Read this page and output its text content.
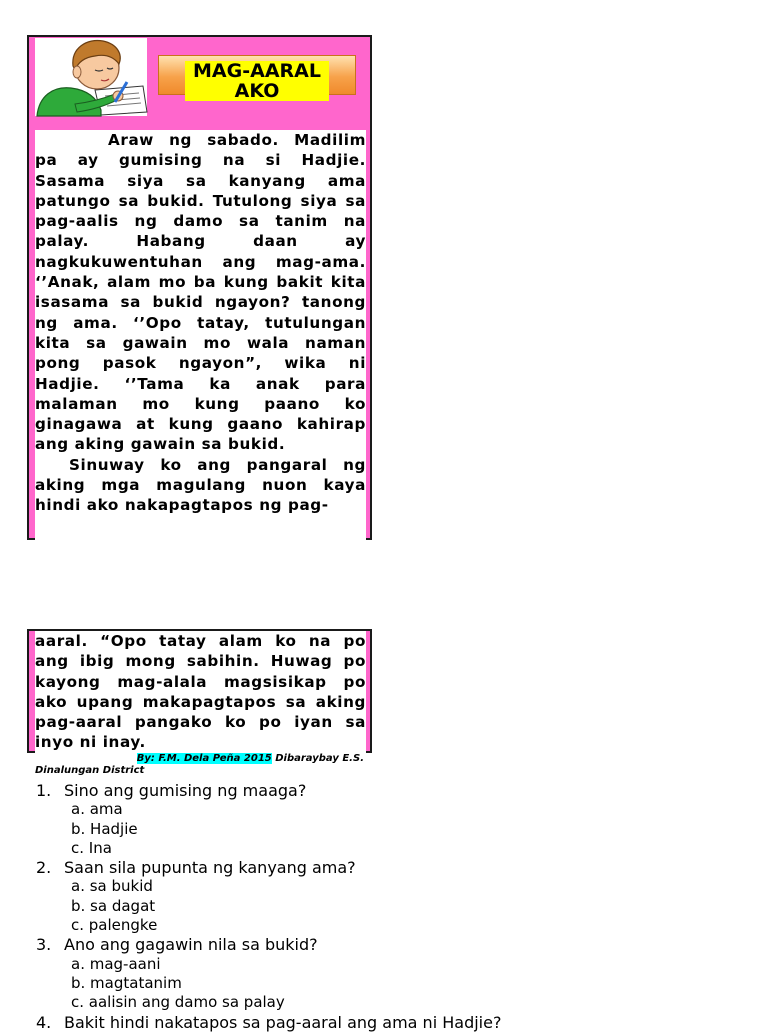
MAG-AARAL AKO

Araw ng sabado. Madilim pa ay gumising na si Hadjie. Sasama siya sa kanyang ama patungo sa bukid. Tutulong siya sa pag-aalis ng damo sa tanim na palay. Habang daan ay nagkukuwentuhan ang mag-ama. ‘’Anak, alam mo ba kung bakit kita isasama sa bukid ngayon? tanong ng ama. ‘’Opo tatay, tutulungan kita sa gawain mo wala naman pong pasok ngayon”, wika ni Hadjie. ‘’Tama ka anak para malaman mo kung paano ko ginagawa at kung gaano kahirap ang aking gawain sa bukid.

Sinuway ko ang pangaral ng aking mga magulang nuon kaya hindi ako nakapagtapos ng pag-

aaral. “Opo tatay alam ko na po ang ibig mong sabihin. Huwag po kayong mag-alala magsisikap po ako upang makapagtapos sa aking pag-aaral pangako ko po iyan sa inyo ni inay.

By: F.M. Dela Peña 2015 Dibaraybay E.S.
Dinalungan District
1. Sino ang gumising ng maaga?
a. ama
b. Hadjie
c. Ina
2. Saan sila pupunta ng kanyang ama?
a. sa bukid
b. sa dagat
c. palengke
3. Ano ang gagawin nila sa bukid?
a. mag-aani
b. magtatanim
c. aalisin ang damo sa palay
4. Bakit hindi nakatapos sa pag-aaral ang ama ni Hadjie?
